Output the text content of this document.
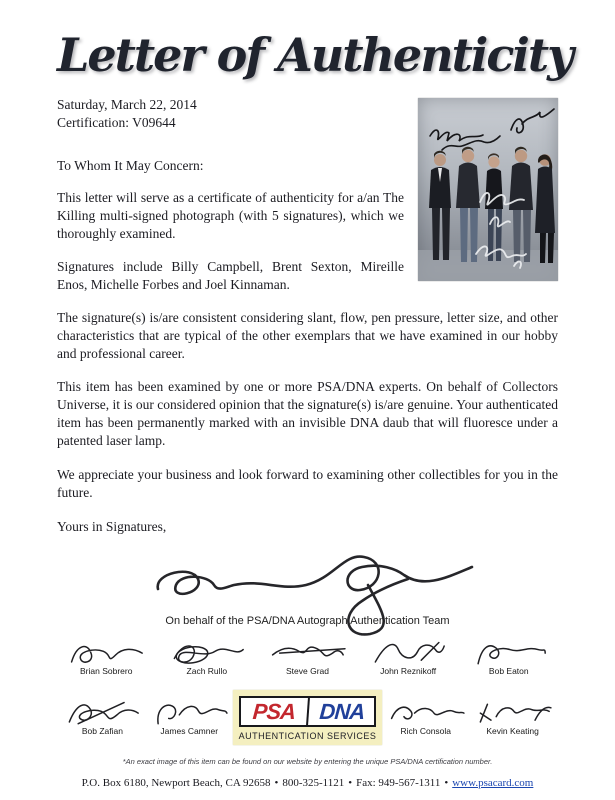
Letter of Authenticity
Saturday, March 22, 2014
Certification: V09644
To Whom It May Concern:

This letter will serve as a certificate of authenticity for a/an The Killing multi-signed photograph (with 5 signatures), which we thoroughly examined.

Signatures include Billy Campbell, Brent Sexton, Mireille Enos, Michelle Forbes and Joel Kinnaman.

The signature(s) is/are consistent considering slant, flow, pen pressure, letter size, and other characteristics that are typical of the other exemplars that we have examined in our hobby and professional career.

This item has been examined by one or more PSA/DNA experts. On behalf of Collectors Universe, it is our considered opinion that the signature(s) is/are genuine. Your authenticated item has been permanently marked with an invisible DNA daub that will fluoresce under a patented laser lamp.

We appreciate your business and look forward to examining other collectibles for you in the future.

Yours in Signatures,
On behalf of the PSA/DNA Autograph Authentication Team
Brian Sobrero	Zach Rullo	Steve Grad	John Reznikoff	Bob Eaton
Bob Zafian	James Camner
PSA	DNA
AUTHENTICATION SERVICES	Rich Consola	Kevin Keating
*An exact image of this item can be found on our website by entering the unique PSA/DNA certification number.
P.O. Box 6180, Newport Beach, CA 92658 • 800-325-1121 • Fax: 949-567-1311 • www.psacard.com
